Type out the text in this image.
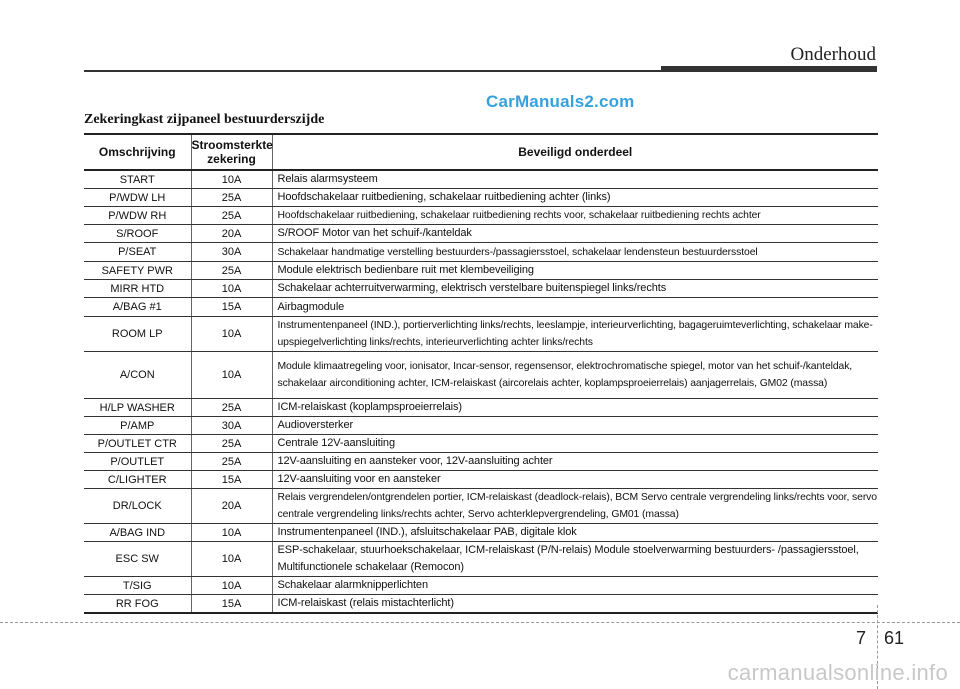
Onderhoud
CarManuals2.com
Zekeringkast zijpaneel bestuurderszijde
Omschrijving	Stroomsterkte zekering	Beveiligd onderdeel
START	10A	Relais alarmsysteem
P/WDW LH	25A	Hoofdschakelaar ruitbediening, schakelaar ruitbediening achter (links)
P/WDW RH	25A	Hoofdschakelaar ruitbediening, schakelaar ruitbediening rechts voor, schakelaar ruitbediening rechts achter
S/ROOF	20A	S/ROOF Motor van het schuif-/kanteldak
P/SEAT	30A	Schakelaar handmatige verstelling bestuurders-/passagiersstoel, schakelaar lendensteun bestuurdersstoel
SAFETY PWR	25A	Module elektrisch bedienbare ruit met klembeveiliging
MIRR HTD	10A	Schakelaar achterruitverwarming, elektrisch verstelbare buitenspiegel links/rechts
A/BAG #1	15A	Airbagmodule
ROOM LP	10A	Instrumentenpaneel (IND.), portierverlichting links/rechts, leeslampje, interieurverlichting, bagageruimteverlichting, schakelaar make-upspiegelverlichting links/rechts, interieurverlichting achter links/rechts
A/CON	10A	Module klimaatregeling voor, ionisator, Incar-sensor, regensensor, elektrochromatische spiegel, motor van het schuif-/kanteldak, schakelaar airconditioning achter, ICM-relaiskast (aircorelais achter, koplampsproeierrelais) aanjagerrelais, GM02 (massa)
H/LP WASHER	25A	ICM-relaiskast (koplampsproeierrelais)
P/AMP	30A	Audioversterker
P/OUTLET CTR	25A	Centrale 12V-aansluiting
P/OUTLET	25A	12V-aansluiting en aansteker voor, 12V-aansluiting achter
C/LIGHTER	15A	12V-aansluiting voor en aansteker
DR/LOCK	20A	Relais vergrendelen/ontgrendelen portier, ICM-relaiskast (deadlock-relais), BCM Servo centrale vergrendeling links/rechts voor, servo centrale vergrendeling links/rechts achter, Servo achterklepvergrendeling, GM01 (massa)
A/BAG IND	10A	Instrumentenpaneel (IND.), afsluitschakelaar PAB, digitale klok
ESC SW	10A	ESP-schakelaar, stuurhoekschakelaar, ICM-relaiskast (P/N-relais) Module stoelverwarming bestuurders- /passagiersstoel, Multifunctionele schakelaar (Remocon)
T/SIG	10A	Schakelaar alarmknipperlichten
RR FOG	15A	ICM-relaiskast (relais mistachterlicht)
7 61
carmanualsonline.info
